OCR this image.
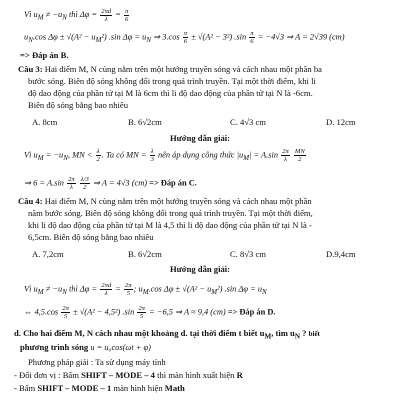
Vì $u_M \ne -u_N$ thì $\Delta\varphi = \frac{2\pi d}{\lambda} = \frac{\pi}{6}$
$u_N.\cos$ $\Delta\varphi \pm √(A^2 - u_M^2)$ .sin $\Delta\varphi = u_N$ ⇒ $3.\cos \frac{\pi}{6} \pm √(A^2 - 3^2)$ $.\sin \frac{\pi}{6} = -4√3$ ⇒ A = 2√39 (cm)
=> Đáp án B.
Câu 3: Hai điểm M, N cùng nằm trên một hướng truyền sóng và cách nhau một phần ba
bước sóng. Biên độ sóng không đổi trong quá trình truyền. Tại một thời điểm, khi li
độ dao động của phần tử tại M là 6cm thì li độ dao động của phần tử tại N là -6cm.
Biên độ sóng bằng bao nhiêu
A. 8cm	B. 6√2cm	C. 4√3 cm	D. 12cm
Hướng dẫn giải:
Vì $u_M = -u_N$, MN < $\frac{\lambda}{2}$ . Ta có MN = $\frac{\lambda}{3}$ nên áp dụng công thức $|u_M| = A.\sin \frac{2\pi}{\lambda}$
$\frac{MN}{2}$
⇒ $6 = A.\sin \frac{2\pi}{\lambda}$
$\frac{\lambda/3}{2}$ ⇒ A = 4√3 (cm) => Đáp án C.
Câu 4: Hai điểm M, N cùng nằm trên một hướng truyền sóng và cách nhau một phần
năm bước sóng. Biên độ sóng không đổi trong quá trình truyền. Tại một thời điểm,
khi li độ dao động của phần tử tại M là 4,5 thì li độ dao động của phần tử tại N là -
6,5cm. Biên độ sóng bằng bao nhiêu
A. 7,2cm	B. 6√2cm	C. 8√3 cm	D.9,4cm
Hướng dẫn giải:
Vì $u_M \ne -u_N$ thì $\Delta\varphi = \frac{2\pi d}{\lambda} = \frac{2\pi}{5}$ ; $u_M.\cos$ $\Delta\varphi \pm √(A^2 - u_M^2)$ .sin $\Delta\varphi = u_N$
⇔ $4,5.\cos \frac{2\pi}{5} \pm √(A^2 - 4,5^2)$ $.\sin \frac{2\pi}{5} = -6,5$ ⇒ A ≈ 9,4 (cm) => Đáp án D.
d. Cho hai điểm M, N cách nhau một khoảng d. tại thời điểm t biết $u_M$, tìm $u_N$ ? biết
phương trình sóng u = u₀cos(ωt + φ)
Phương pháp giải : Ta sử dụng máy tính
- Đổi đơn vị : Bấm SHIFT – MODE – 4 thì màn hình xuất hiện R
- Bấm SHIFT – MODE – 1 màn hình hiện Math
